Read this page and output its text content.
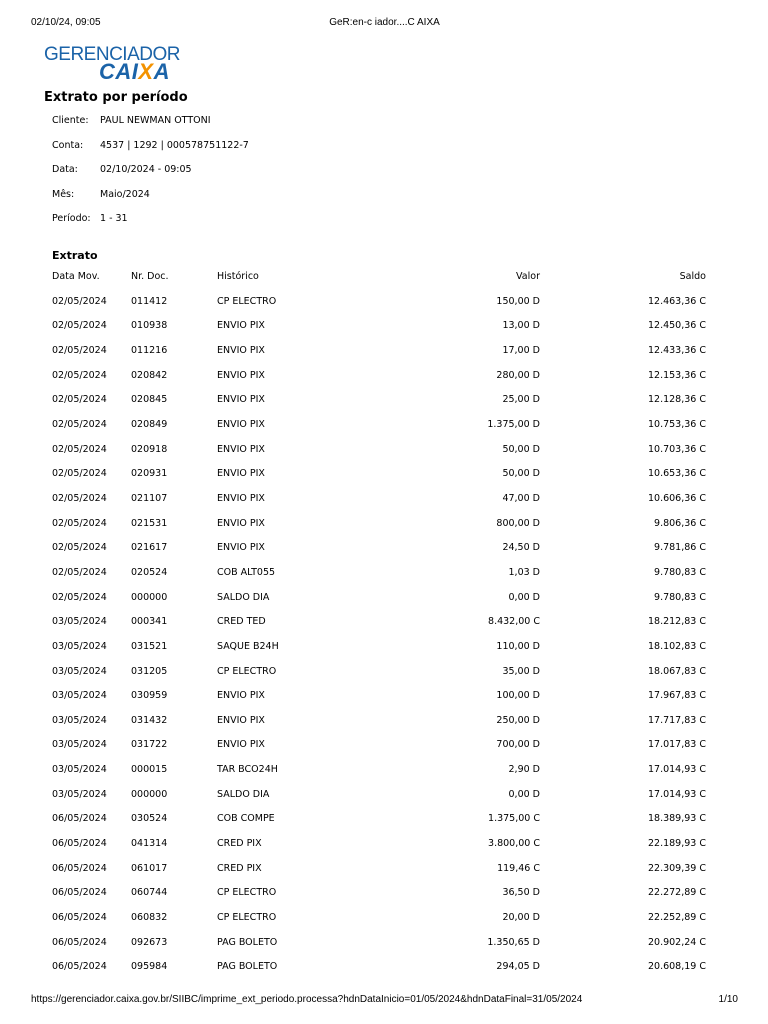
02/10/24, 09:05	GeR:en-c iador....C AIXA
GERENCIADOR
CAIXA
Extrato por período
Cliente: PAUL NEWMAN OTTONI
Conta: 4537 | 1292 | 000578751122-7
Data: 02/10/2024 - 09:05
Mês:	Maio/2024
Período: 1 - 31
Extrato
Data Mov.	Nr. Doc.	Histórico	Valor	Saldo
02/05/2024	011412	CP ELECTRO	150,00 D	12.463,36 C
02/05/2024	010938	ENVIO PIX	13,00 D	12.450,36 C
02/05/2024	011216	ENVIO PIX	17,00 D	12.433,36 C
02/05/2024	020842	ENVIO PIX	280,00 D	12.153,36 C
02/05/2024	020845	ENVIO PIX	25,00 D	12.128,36 C
02/05/2024	020849	ENVIO PIX	1.375,00 D	10.753,36 C
02/05/2024	020918	ENVIO PIX	50,00 D	10.703,36 C
02/05/2024	020931	ENVIO PIX	50,00 D	10.653,36 C
02/05/2024	021107	ENVIO PIX	47,00 D	10.606,36 C
02/05/2024	021531	ENVIO PIX	800,00 D	9.806,36 C
02/05/2024	021617	ENVIO PIX	24,50 D	9.781,86 C
02/05/2024	020524	COB ALT055	1,03 D	9.780,83 C
02/05/2024	000000	SALDO DIA	0,00 D	9.780,83 C
03/05/2024	000341	CRED TED	8.432,00 C	18.212,83 C
03/05/2024	031521	SAQUE B24H	110,00 D	18.102,83 C
03/05/2024	031205	CP ELECTRO	35,00 D	18.067,83 C
03/05/2024	030959	ENVIO PIX	100,00 D	17.967,83 C
03/05/2024	031432	ENVIO PIX	250,00 D	17.717,83 C
03/05/2024	031722	ENVIO PIX	700,00 D	17.017,83 C
03/05/2024	000015	TAR BCO24H	2,90 D	17.014,93 C
03/05/2024	000000	SALDO DIA	0,00 D	17.014,93 C
06/05/2024	030524	COB COMPE	1.375,00 C	18.389,93 C
06/05/2024	041314	CRED PIX	3.800,00 C	22.189,93 C
06/05/2024	061017	CRED PIX	119,46 C	22.309,39 C
06/05/2024	060744	CP ELECTRO	36,50 D	22.272,89 C
06/05/2024	060832	CP ELECTRO	20,00 D	22.252,89 C
06/05/2024	092673	PAG BOLETO	1.350,65 D	20.902,24 C
06/05/2024	095984	PAG BOLETO	294,05 D	20.608,19 C
https://gerenciador.caixa.gov.br/SIIBC/imprime_ext_periodo.processa?hdnDataInicio=01/05/2024&hdnDataFinal=31/05/2024	1/10
